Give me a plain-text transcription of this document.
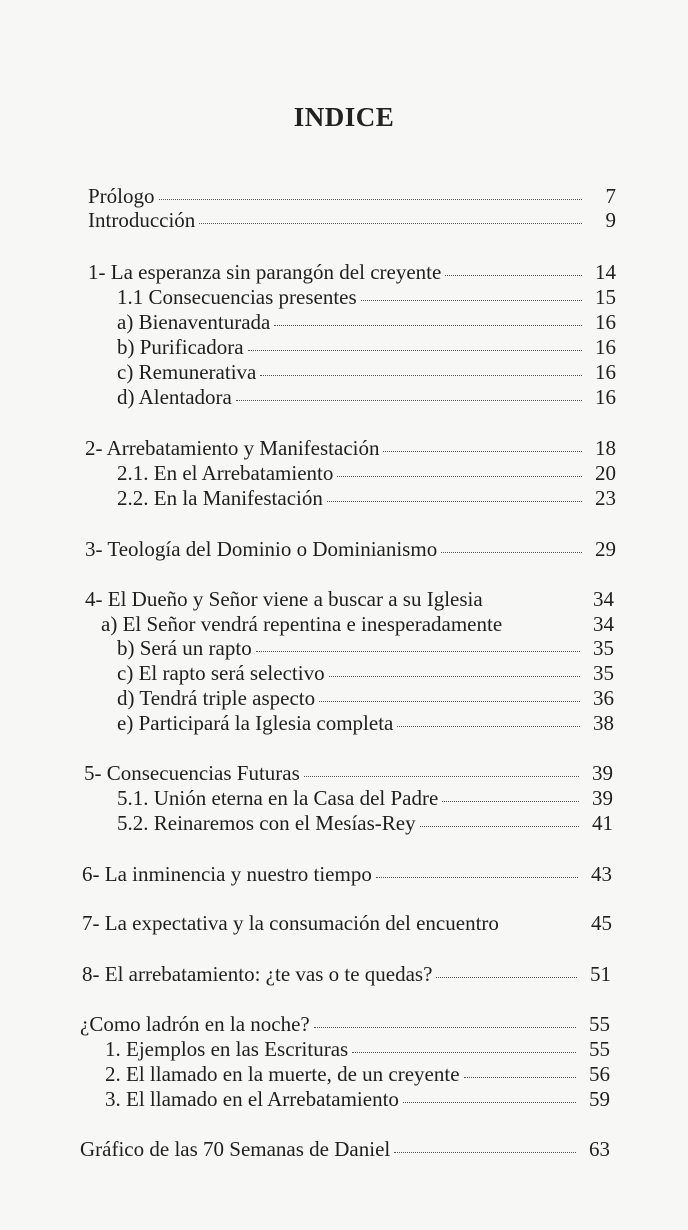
INDICE
Prólogo	7
Introducción	9
1- La esperanza sin parangón del creyente	14
1.1 Consecuencias presentes	15
a) Bienaventurada	16
b) Purificadora	16
c) Remunerativa	16
d) Alentadora	16
2- Arrebatamiento y Manifestación	18
2.1. En el Arrebatamiento	20
2.2. En la Manifestación	23
3- Teología del Dominio o Dominianismo	29
4- El Dueño y Señor viene a buscar a su Iglesia	34
a) El Señor vendrá repentina e inesperadamente	34
b) Será un rapto	35
c) El rapto será selectivo	35
d) Tendrá triple aspecto	36
e) Participará la Iglesia completa	38
5- Consecuencias Futuras	39
5.1. Unión eterna en la Casa del Padre	39
5.2. Reinaremos con el Mesías-Rey	41
6- La inminencia y nuestro tiempo	43
7- La expectativa y la consumación del encuentro	45
8- El arrebatamiento: ¿te vas o te quedas?	51
¿Como ladrón en la noche?	55
1. Ejemplos en las Escrituras	55
2. El llamado en la muerte, de un creyente	56
3. El llamado en el Arrebatamiento	59
Gráfico de las 70 Semanas de Daniel	63
